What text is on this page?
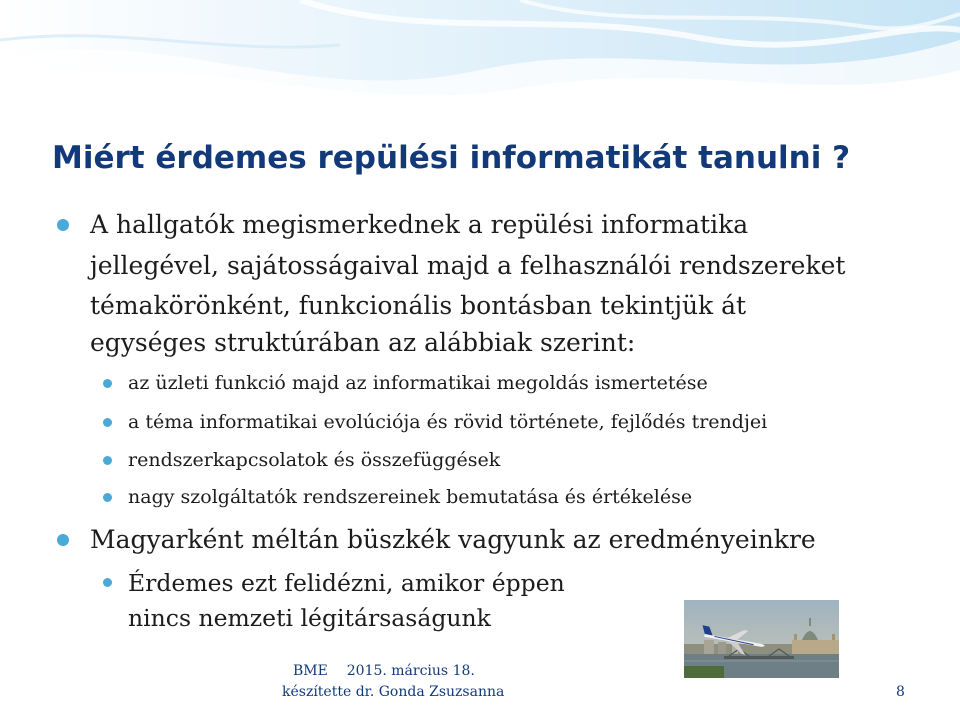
Miért érdemes repülési informatikát tanulni ?
A hallgatók megismerkednek a repülési informatika
jellegével, sajátosságaival majd a felhasználói rendszereket
témakörönként, funkcionális bontásban tekintjük át
egységes struktúrában az alábbiak szerint:
az üzleti funkció majd az informatikai megoldás ismertetése
a téma informatikai evolúciója és rövid története, fejlődés trendjei
rendszerkapcsolatok és összefüggések
nagy szolgáltatók rendszereinek bemutatása és értékelése
Magyarként méltán büszkék vagyunk az eredményeinkre
Érdemes ezt felidézni, amikor éppen
nincs nemzeti légitársaságunk
BME 2015. március 18.
készítette dr. Gonda Zsuzsanna	8
